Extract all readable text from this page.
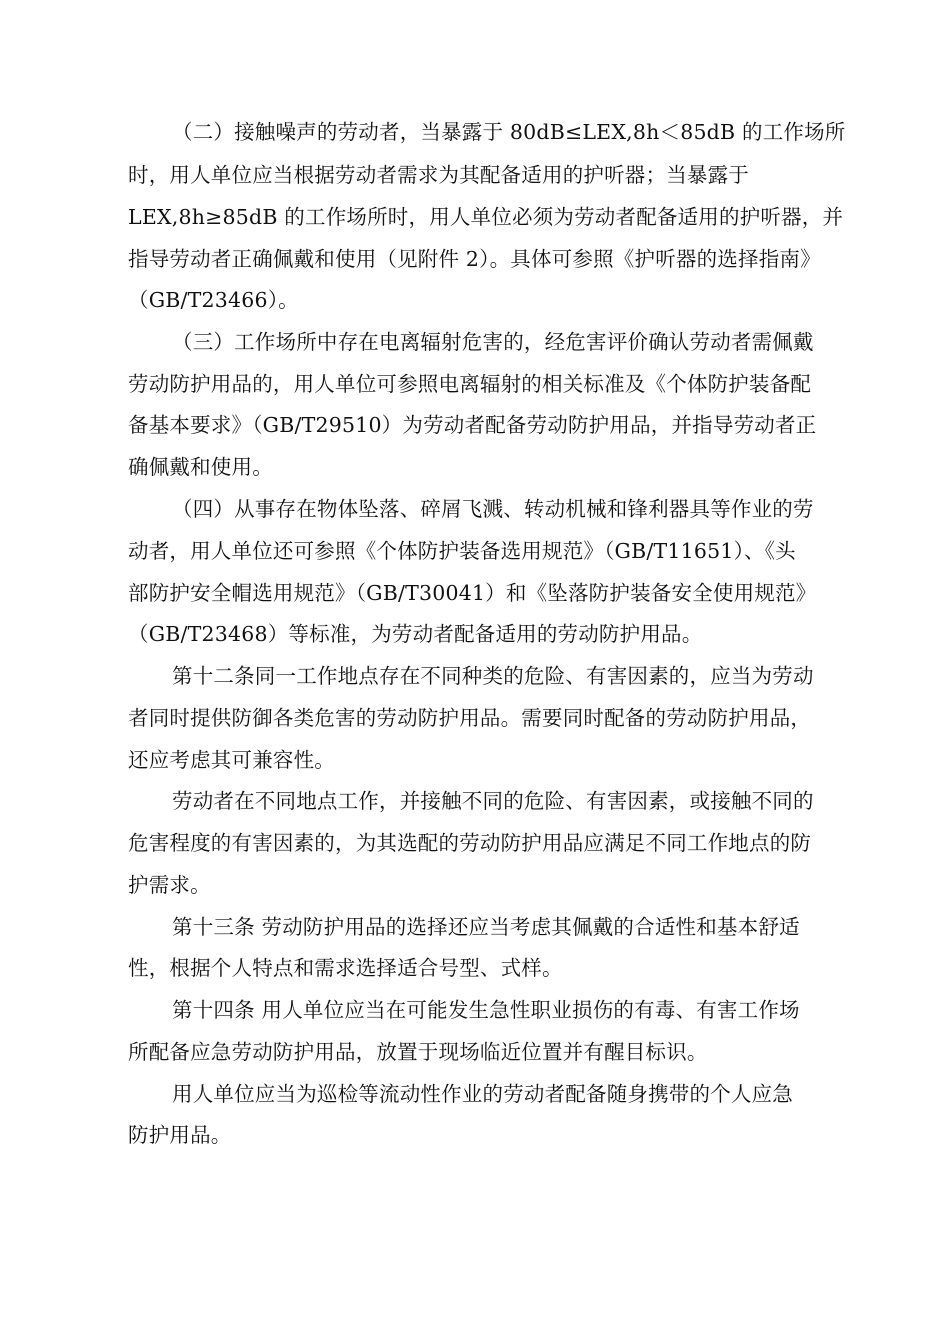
（二）接触噪声的劳动者，当暴露于 80dB≤LEX,8h＜85dB 的工作场所
时，用人单位应当根据劳动者需求为其配备适用的护听器；当暴露于
LEX,8h≥85dB 的工作场所时，用人单位必须为劳动者配备适用的护听器，并
指导劳动者正确佩戴和使用（见附件 2）。具体可参照《护听器的选择指南》
（GB/T23466）。
（三）工作场所中存在电离辐射危害的，经危害评价确认劳动者需佩戴
劳动防护用品的，用人单位可参照电离辐射的相关标准及《个体防护装备配
备基本要求》（GB/T29510）为劳动者配备劳动防护用品，并指导劳动者正
确佩戴和使用。
（四）从事存在物体坠落、碎屑飞溅、转动机械和锋利器具等作业的劳
动者，用人单位还可参照《个体防护装备选用规范》（GB/T11651）、《头
部防护安全帽选用规范》（GB/T30041）和《坠落防护装备安全使用规范》
（GB/T23468）等标准，为劳动者配备适用的劳动防护用品。
第十二条同一工作地点存在不同种类的危险、有害因素的，应当为劳动
者同时提供防御各类危害的劳动防护用品。需要同时配备的劳动防护用品，
还应考虑其可兼容性。
劳动者在不同地点工作，并接触不同的危险、有害因素，或接触不同的
危害程度的有害因素的，为其选配的劳动防护用品应满足不同工作地点的防
护需求。
第十三条 劳动防护用品的选择还应当考虑其佩戴的合适性和基本舒适
性，根据个人特点和需求选择适合号型、式样。
第十四条 用人单位应当在可能发生急性职业损伤的有毒、有害工作场
所配备应急劳动防护用品，放置于现场临近位置并有醒目标识。
用人单位应当为巡检等流动性作业的劳动者配备随身携带的个人应急
防护用品。
